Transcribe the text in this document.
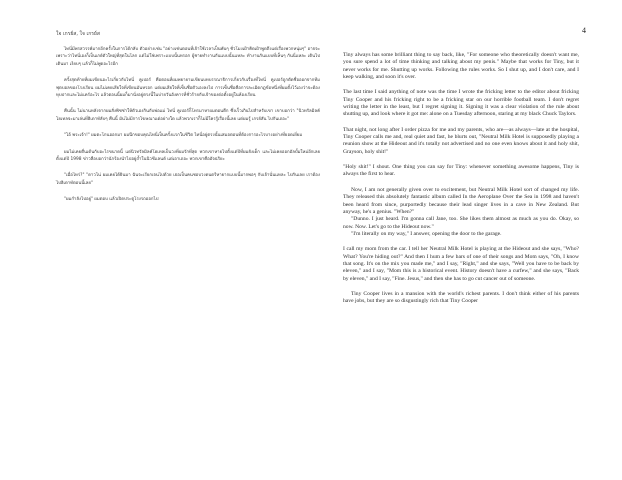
ใจ เกรย์ส, ใจ เกรย์ส	4

ไทนี่มีพรสวรรค์มากอีกครั้งในการโต้กลับ ตัวอย่างเช่น "อย่างเช่นตอนที่เจ้าใช้เวลาเป็นพันๆ ชั่วโมงเฝ้าคิดเฝ้าพูดถึงแต่เรื่องพวกหนุ่มๆ" อาจจะเพราะว่าไทนี่เองก็เป็นเกย์ตัวใหญ่ที่สุดในโลก แต่ไม่ใช่เพราะแบบนั้นหรอก ผู้ชายทำงานกันแบบนั้นแหละ ทำงานกันแบบที่เห็นๆ กันนี่แหละ เดินไปเดินมา เงียบๆ แล้วก็ไม่พูดอะไรอีก

ครั้งสุดท้ายที่ผมเขียนอะไรเกี่ยวกับไทนี่ คูเปอร์ คือตอนที่ผมพยายามเขียนบทบรรณาธิการเกี่ยวกับเรื่องที่ไทนี่ คูเปอร์ถูกตัดชื่อออกจากทีมฟุตบอลของโรงเรียน ผมไม่เคยเสียใจที่เขียนมันหรอก แต่ผมเสียใจที่เซ็นชื่อตัวเองลงไป การเซ็นชื่อคือการละเมิดกฎข้อหนึ่งที่ผมตั้งไว้เองว่าจะต้องหุบปากและไม่แคร์อะไร แล้วตอนนี้ผมก็มานั่งอยู่ตรงนี้ในบ่ายวันอังคารที่ชั่วร้ายกับเจ้าของต่อตั้งอยู่ในห้องเรียน

คืนนั้น ไม่นานหลังจากผมสั่งพิซซ่าให้ตัวเองกินกับพ่อแม่ ไทนี่ คูเปอร์ก็โทรมาหาผมตอนดึก ซึ่งเร็วเกินไปสำหรับเขา เขาบอกว่า "นิวทรัลมิลค์โฮเทลจะมาเล่นที่ฮิเดาท์ลับๆ คืนนี้ มันไม่มีการโฆษณาแต่อย่างใด แล้วพวกเราก็ไม่มีใครรู้เรื่องนี้เลย แต่ผมรู้ เกรย์สัน ไปกันเถอะ"

"โอ้ พระเจ้า!" ผมตะโกนออกมา ผมนึกขอบคุณไทนี่เป็นครั้งแรกในชีวิต ไทนี่อยู่ตรงนั้นเสมอตอนที่ต้องการอะไรบางอย่างที่ยอดเยี่ยม

ผมไม่เคยตื่นเต้นกับอะไรขนาดนี้ แต่นิวทรัลมิลค์โฮเทลเป็นวงที่ผมรักที่สุด พวกเขาหายไปตั้งแต่ปีที่ผมยังเด็ก และไม่เคยออกอัลบั้มใหม่อีกเลยตั้งแต่ปี 1998 ข่าวลือบอกว่านักร้องนำไปอยู่ถ้ำในนิวซีแลนด์ แต่เอาเถอะ พวกเขาคืออัจฉริยะ

"เมื่อไหร่?" "ดาวโน่ ผมเคยได้ยินมา ฉันจะเรียกเจนไปด้วย เธอเป็นคนชอบวงดนตรีหายากแบบนี้มากพอๆ กับเจ้านั่นแหละ ไปกันเลย เราต้องไปฮิเดาท์ตอนนี้เลย"

"ผมกำลังไปอยู่" ผมตอบ แล้วเปิดประตูโรงรถออกไป

Tiny always has some brilliant thing to say back, like, "For someone who theoretically doesn't want me, you sure spend a lot of time thinking and talking about my penis." Maybe that works for Tiny, but it never works for me. Shutting up works. Following the rules works. So I shut up, and I don't care, and I keep walking, and soon it's over.

The last time I said anything of note was the time I wrote the fricking letter to the editor about fricking Tiny Cooper and his fricking right to be a fricking star on our horrible football team. I don't regret writing the letter in the least, but I regret signing it. Signing it was a clear violation of the rule about shutting up, and look where it got me: alone on a Tuesday afternoon, staring at my black Chuck Taylors.

That night, not long after I order pizza for me and my parents, who are—as always—late at the hospital, Tiny Cooper calls me and, real quiet and fast, he blurts out, "Neutral Milk Hotel is supposedly playing a reunion show at the Hideout and it's totally not advertised and no one even knows about it and holy shit, Grayson, holy shit!"

"Holy shit!" I shout. One thing you can say for Tiny: whenever something awesome happens, Tiny is always the first to hear.

Now, I am not generally given over to excitement, but Neutral Milk Hotel sort of changed my life. They released this absolutely fantastic album called In the Aeroplane Over the Sea in 1998 and haven't been heard from since, purportedly because their lead singer lives in a cave in New Zealand. But anyway, he's a genius. "When?"

"Dunno. I just heard. I'm gonna call Jane, too. She likes them almost as much as you do. Okay, so now. Now. Let's go to the Hideout now."

"I'm literally on my way," I answer, opening the door to the garage.

I call my mom from the car. I tell her Neutral Milk Hotel is playing at the Hideout and she says, "Who? What? You're hiding out?" And then I hum a few bars of one of their songs and Mom says, "Oh, I know that song. It's on the mix you made me," and I say, "Right," and she says, "Well you have to be back by eleven," and I say, "Mom this is a historical event. History doesn't have a curfew," and she says, "Back by eleven," and I say, "Fine. Jesus," and then she has to go cut cancer out of someone.

Tiny Cooper lives in a mansion with the world's richest parents. I don't think either of his parents have jobs, but they are so disgustingly rich that Tiny Cooper
